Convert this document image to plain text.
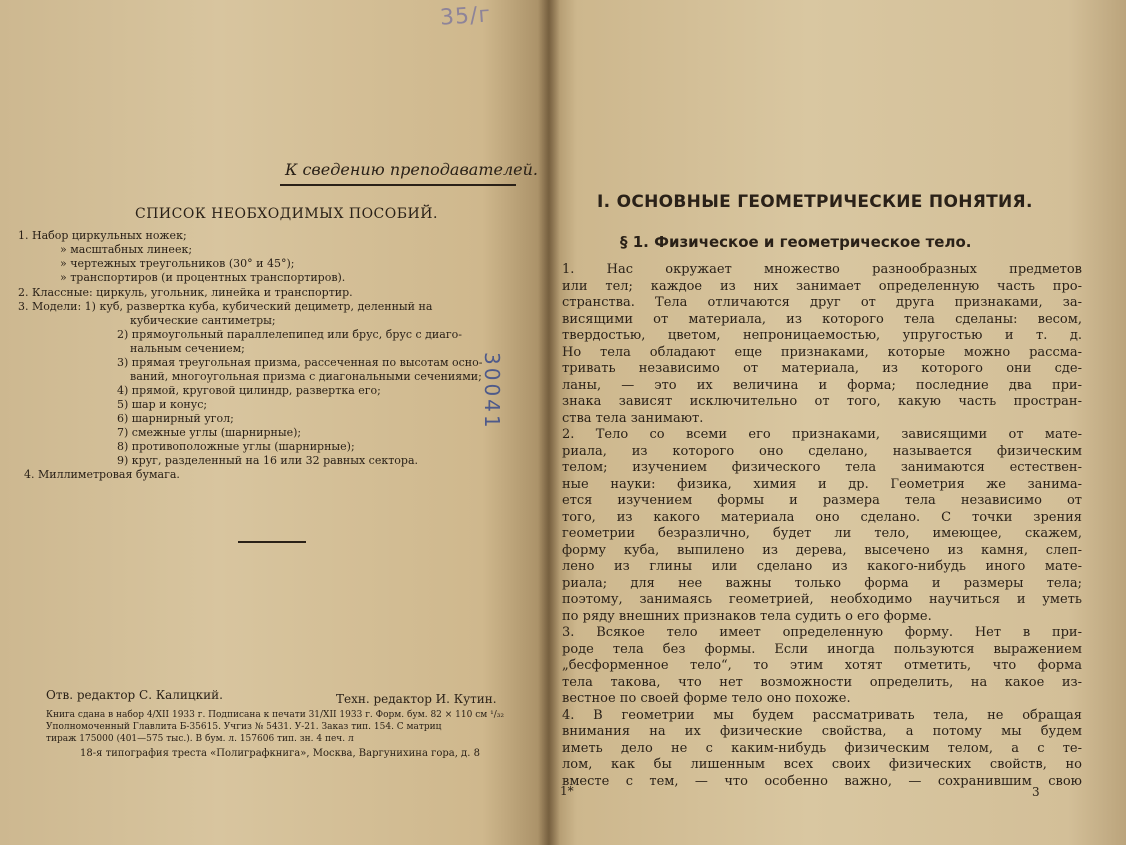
35/г
К сведению преподавателей.
СПИСОК НЕОБХОДИМЫХ ПОСОБИЙ.
1. Набор циркульных ножек;
» масштабных линеек;
» чертежных треугольников (30° и 45°);
» транспортиров (и процентных транспортиров).
2. Классные: циркуль, угольник, линейка и транспортир.
3. Модели: 1) куб, развертка куба, кубический дециметр, деленный на
кубические сантиметры;
2) прямоугольный параллелепипед или брус, брус с диаго-
нальным сечением;
3) прямая треугольная призма, рассеченная по высотам осно-
ваний, многоугольная призма с диагональными сечениями;
4) прямой, круговой цилиндр, развертка его;
5) шар и конус;
6) шарнирный угол;
7) смежные углы (шарнирные);
8) противоположные углы (шарнирные);
9) круг, разделенный на 16 или 32 равных сектора.
4. Миллиметровая бумага.
30041
Отв. редактор С. Калицкий.	Техн. редактор И. Кутин.
Книга сдана в набор 4/XII 1933 г. Подписана к печати 31/XII 1933 г. Форм. бум. 82 × 110 см ¹/₃₂
Уполномоченный Главлита Б-35615. Учгиз № 5431. У-21. Заказ тип. 154. С матриц
тираж 175000 (401—575 тыс.). В бум. л. 157606 тип. зн. 4 печ. л
18-я типография треста «Полиграфкнига», Москва, Варгунихина гора, д. 8
I. ОСНОВНЫЕ ГЕОМЕТРИЧЕСКИЕ ПОНЯТИЯ.
§ 1. Физическое и геометрическое тело.
1. Нас окружает множество разнообразных предметов
или тел; каждое из них занимает определенную часть про-
странства. Тела отличаются друг от друга признаками, за-
висящими от материала, из которого тела сделаны: весом,
твердостью, цветом, непроницаемостью, упругостью и т. д.
Но тела обладают еще признаками, которые можно рассма-
тривать независимо от материала, из которого они сде-
ланы, — это их величина и форма; последние два при-
знака зависят исключительно от того, какую часть простран-
ства тела занимают.
2. Тело со всеми его признаками, зависящими от мате-
риала, из которого оно сделано, называется физическим
телом; изучением физического тела занимаются естествен-
ные науки: физика, химия и др. Геометрия же занима-
ется изучением формы и размера тела независимо от
того, из какого материала оно сделано. С точки зрения
геометрии безразлично, будет ли тело, имеющее, скажем,
форму куба, выпилено из дерева, высечено из камня, слеп-
лено из глины или сделано из какого-нибудь иного мате-
риала; для нее важны только форма и размеры тела;
поэтому, занимаясь геометрией, необходимо научиться и уметь
по ряду внешних признаков тела судить о его форме.
3. Всякое тело имеет определенную форму. Нет в при-
роде тела без формы. Если иногда пользуются выражением
„бесформенное тело“, то этим хотят отметить, что форма
тела такова, что нет возможности определить, на какое из-
вестное по своей форме тело оно похоже.
4. В геометрии мы будем рассматривать тела, не обращая
внимания на их физические свойства, а потому мы будем
иметь дело не с каким-нибудь физическим телом, а с те-
лом, как бы лишенным всех своих физических свойств, но
вместе с тем, — что особенно важно, — сохранившим свою
1*	3
